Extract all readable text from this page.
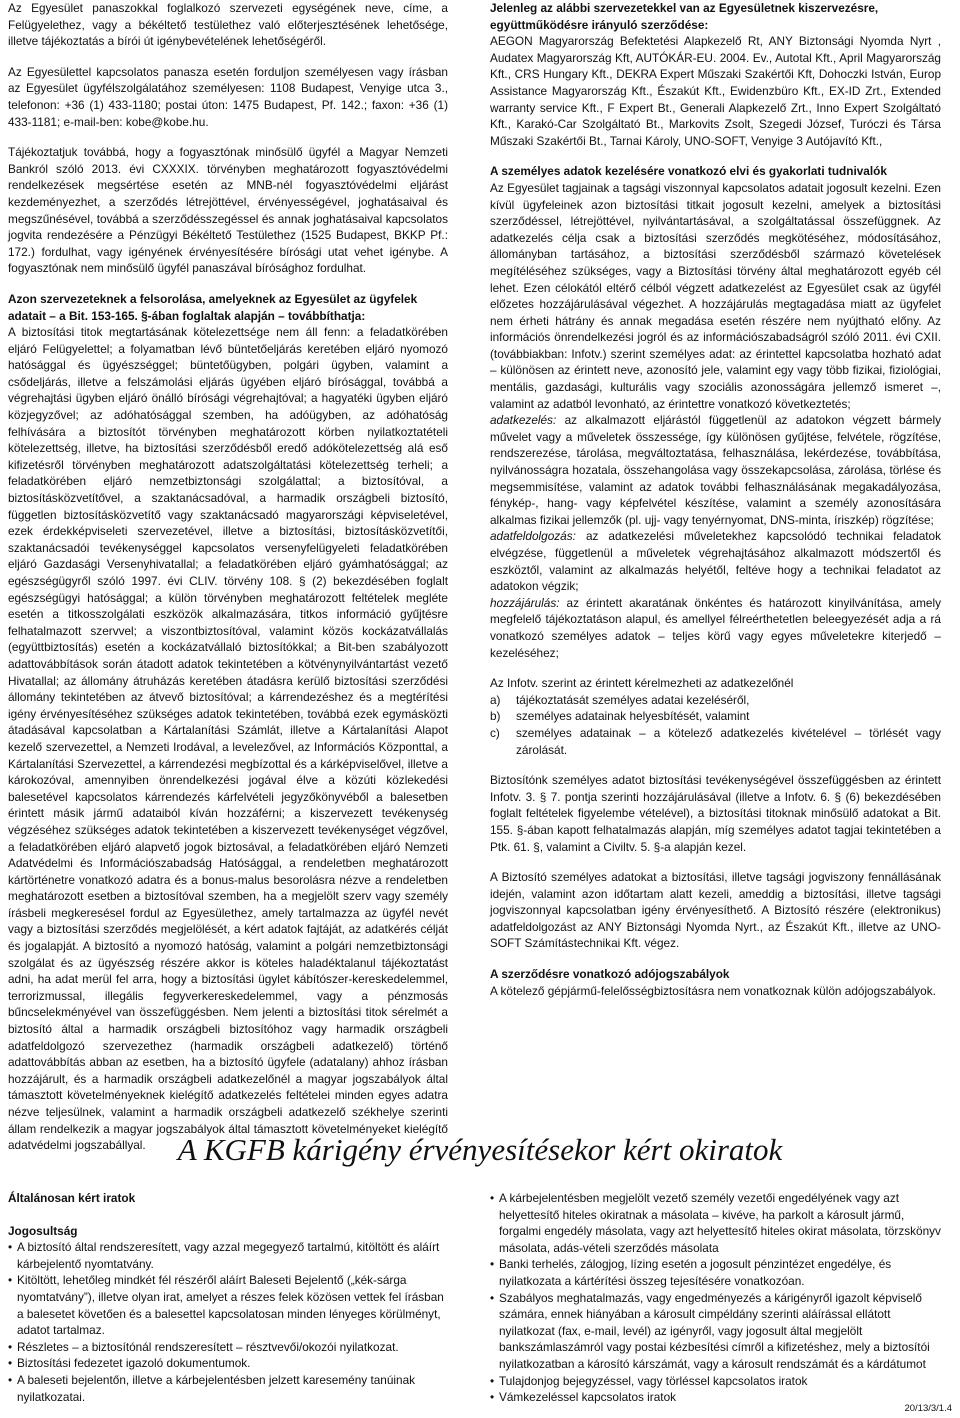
Az Egyesület panaszokkal foglalkozó szervezeti egységének neve, címe, a Felügyelethez, vagy a békéltető testülethez való előterjesztésének lehetősége, illetve tájékoztatás a bírói út igénybevételének lehetőségéről.

Az Egyesülettel kapcsolatos panasza esetén forduljon személyesen vagy írásban az Egyesület ügyfélszolgálatához személyesen: 1108 Budapest, Venyige utca 3., telefonon: +36 (1) 433-1180; postai úton: 1475 Budapest, Pf. 142.; faxon: +36 (1) 433-1181; e-mail-ben: kobe@kobe.hu.

Tájékoztatjuk továbbá, hogy a fogyasztónak minősülő ügyfél a Magyar Nemzeti Bankról szóló 2013. évi CXXXIX. törvényben meghatározott fogyasztóvédelmi rendelkezések megsértése esetén az MNB-nél fogyasztóvédelmi eljárást kezdeményezhet, a szerződés létrejöttével, érvényességével, joghatásaival és megszűnésével, továbbá a szerződésszegéssel és annak joghatásaival kapcsolatos jogvita rendezésére a Pénzügyi Békéltető Testülethez (1525 Budapest, BKKP Pf.: 172.) fordulhat, vagy igényének érvényesítésére bírósági utat vehet igénybe. A fogyasztónak nem minősülő ügyfél panaszával bírósághoz fordulhat.

Azon szervezeteknek a felsorolása, amelyeknek az Egyesület az ügyfelek adatait – a Bit. 153-165. §-ában foglaltak alapján – továbbíthatja:

A biztosítási titok megtartásának kötelezettsége nem áll fenn: a feladatkörében eljáró Felügyelettel; a folyamatban lévő büntetőeljárás keretében eljáró nyomozó hatósággal és ügyészséggel; büntetőügyben, polgári ügyben, valamint a csődeljárás, illetve a felszámolási eljárás ügyében eljáró bírósággal, továbbá a végrehajtási ügyben eljáró önálló bírósági végrehajtóval; a hagyatéki ügyben eljáró közjegyzővel; az adóhatósággal szemben, ha adóügyben, az adóhatóság felhívására a biztosítót törvényben meghatározott körben nyilatkoztatételi kötelezettség, illetve, ha biztosítási szerződésből eredő adókötelezettség alá eső kifizetésről törvényben meghatározott adatszolgáltatási kötelezettség terheli; a feladatkörében eljáró nemzetbiztonsági szolgálattal; a biztosítóval, a biztosításközvetítővel, a szaktanácsadóval, a harmadik országbeli biztosító, független biztosításközvetítő vagy szaktanácsadó magyarországi képviseletével, ezek érdekképviseleti szervezetével, illetve a biztosítási, biztosításközvetítői, szaktanácsadói tevékenységgel kapcsolatos versenyfelügyeleti feladatkörében eljáró Gazdasági Versenyhivatallal; a feladatkörében eljáró gyámhatósággal; az egészségügyről szóló 1997. évi CLIV. törvény 108. § (2) bekezdésében foglalt egészségügyi hatósággal; a külön törvényben meghatározott feltételek megléte esetén a titkosszolgálati eszközök alkalmazására, titkos információ gyűjtésre felhatalmazott szervvel; a viszontbiztosítóval, valamint közös kockázatvállalás (együttbiztosítás) esetén a kockázatvállaló biztosítókkal; a Bit-ben szabályozott adattovábbítások során átadott adatok tekintetében a kötvénynyilvántartást vezető Hivatallal; az állomány átruházás keretében átadásra kerülő biztosítási szerződési állomány tekintetében az átvevő biztosítóval; a kárrendezéshez és a megtérítési igény érvényesítéséhez szükséges adatok tekintetében, továbbá ezek egymásközti átadásával kapcsolatban a Kártalanítási Számlát, illetve a Kártalanítási Alapot kezelő szervezettel, a Nemzeti Irodával, a levelezővel, az Információs Központtal, a Kártalanítási Szervezettel, a kárrendezési megbízottal és a kárképviselővel, illetve a károkozóval, amennyiben önrendelkezési jogával élve a közúti közlekedési balesetével kapcsolatos kárrendezés kárfelvételi jegyzőkönyvéből a balesetben érintett másik jármű adataiból kíván hozzáférni; a kiszervezett tevékenység végzéséhez szükséges adatok tekintetében a kiszervezett tevékenységet végzővel, a feladatkörében eljáró alapvető jogok biztosával, a feladatkörében eljáró Nemzeti Adatvédelmi és Információszabadság Hatósággal, a rendeletben meghatározott kártörténetre vonatkozó adatra és a bonus-malus besorolásra nézve a rendeletben meghatározott esetben a biztosítóval szemben, ha a megjelölt szerv vagy személy írásbeli megkeresésel fordul az Egyesülethez, amely tartalmazza az ügyfél nevét vagy a biztosítási szerződés megjelölését, a kért adatok fajtáját, az adatkérés célját és jogalapját. A biztosító a nyomozó hatóság, valamint a polgári nemzetbiztonsági szolgálat és az ügyészség részére akkor is köteles haladéktalanul tájékoztatást adni, ha adat merül fel arra, hogy a biztosítási ügylet kábítószer-kereskedelemmel, terrorizmussal, illegális fegyverkereskedelemmel, vagy a pénzmosás bűncselekményével van összefüggésben. Nem jelenti a biztosítási titok sérelmét a biztosító által a harmadik országbeli biztosítóhoz vagy harmadik országbeli adatfeldolgozó szervezethez (harmadik országbeli adatkezelő) történő adattovábbítás abban az esetben, ha a biztosító ügyfele (adatalany) ahhoz írásban hozzájárult, és a harmadik országbeli adatkezelőnél a magyar jogszabályok által támasztott követelményeknek kielégítő adatkezelés feltételei minden egyes adatra nézve teljesülnek, valamint a harmadik országbeli adatkezelő székhelye szerinti állam rendelkezik a magyar jogszabályok által támasztott követelményeket kielégítő adatvédelmi jogszabállyal.

Jelenleg az alábbi szervezetekkel van az Egyesületnek kiszervezésre, együttműködésre irányuló szerződése:

AEGON Magyarország Befektetési Alapkezelő Rt, ANY Biztonsági Nyomda Nyrt , Audatex Magyarország Kft, AUTÓKÁR-EU. 2004. Ev., Autotal Kft., April Magyarország Kft., CRS Hungary Kft., DEKRA Expert Műszaki Szakértői Kft, Dohoczki István, Europ Assistance Magyarország Kft., Északút Kft., Ewidenzbüro Kft., EX-ID Zrt., Extended warranty service Kft., F Expert Bt., Generali Alapkezelő Zrt., Inno Expert Szolgáltató Kft., Karakó-Car Szolgáltató Bt., Markovits Zsolt, Szegedi József, Turóczi és Társa Műszaki Szakértői Bt., Tarnai Károly, UNO-SOFT, Venyige 3 Autójavító Kft.,

A személyes adatok kezelésére vonatkozó elvi és gyakorlati tudnivalók

Az Egyesület tagjainak a tagsági viszonnyal kapcsolatos adatait jogosult kezelni. Ezen kívül ügyfeleinek azon biztosítási titkait jogosult kezelni, amelyek a biztosítási szerződéssel, létrejöttével, nyilvántartásával, a szolgáltatással összefüggnek. Az adatkezelés célja csak a biztosítási szerződés megkötéséhez, módosításához, állományban tartásához, a biztosítási szerződésből származó követelések megítéléséhez szükséges, vagy a Biztosítási törvény által meghatározott egyéb cél lehet. Ezen célokától eltérő célból végzett adatkezelést az Egyesület csak az ügyfél előzetes hozzájárulásával végezhet. A hozzájárulás megtagadása miatt az ügyfelet nem érheti hátrány és annak megadása esetén részére nem nyújtható előny. Az információs önrendelkezési jogról és az információszabadságról szóló 2011. évi CXII. (továbbiakban: Infotv.) szerint személyes adat: az érintettel kapcsolatba hozható adat – különösen az érintett neve, azonosító jele, valamint egy vagy több fizikai, fiziológiai, mentális, gazdasági, kulturális vagy szociális azonosságára jellemző ismeret –, valamint az adatból levonható, az érintettre vonatkozó következtetés;

adatkezelés: az alkalmazott eljárástól függetlenül az adatokon végzett bármely művelet vagy a műveletek összessége, így különösen gyűjtése, felvétele, rögzítése, rendszerezése, tárolása, megváltoztatása, felhasználása, lekérdezése, továbbítása, nyilvánosságra hozatala, összehangolása vagy összekapcsolása, zárolása, törlése és megsemmisítése, valamint az adatok további felhasználásának megakadályozása, fénykép-, hang- vagy képfelvétel készítése, valamint a személy azonosítására alkalmas fizikai jellemzők (pl. ujj- vagy tenyérnyomat, DNS-minta, íriszkép) rögzítése;

adatfeldolgozás: az adatkezelési műveletekhez kapcsolódó technikai feladatok elvégzése, függetlenül a műveletek végrehajtásához alkalmazott módszertől és eszköztől, valamint az alkalmazás helyétől, feltéve hogy a technikai feladatot az adatokon végzik;

hozzájárulás: az érintett akaratának önkéntes és határozott kinyilvánítása, amely megfelelő tájékoztatáson alapul, és amellyel félreérthetetlen beleegyezését adja a rá vonatkozó személyes adatok – teljes körű vagy egyes műveletekre kiterjedő – kezeléséhez;

Az Infotv. szerint az érintett kérelmezheti az adatkezelőnél

a) tájékoztatását személyes adatai kezeléséről,
b) személyes adatainak helyesbítését, valamint
c) személyes adatainak – a kötelező adatkezelés kivételével – törlését vagy zárolását.

Biztosítónk személyes adatot biztosítási tevékenységével összefüggésben az érintett Infotv. 3. § 7. pontja szerinti hozzájárulásával (illetve a Infotv. 6. § (6) bekezdésében foglalt feltételek figyelembe vételével), a biztosítási titoknak minősülő adatokat a Bit. 155. §-ában kapott felhatalmazás alapján, míg személyes adatot tagjai tekintetében a Ptk. 61. §, valamint a Civiltv. 5. §-a alapján kezel.

A Biztosító személyes adatokat a biztosítási, illetve tagsági jogviszony fennállásának idején, valamint azon időtartam alatt kezeli, ameddig a biztosítási, illetve tagsági jogviszonnyal kapcsolatban igény érvényesíthető. A Biztosító részére (elektronikus) adatfeldolgozást az ANY Biztonsági Nyomda Nyrt., az Északút Kft., illetve az UNO-SOFT Számítástechnikai Kft. végez.

A szerződésre vonatkozó adójogszabályok

A kötelező gépjármű-felelősségbiztosításra nem vonatkoznak külön adójogszabályok.

A KGFB kárigény érvényesítésekor kért okiratok

Általánosan kért iratok

Jogosultság

• A biztosító által rendszeresített, vagy azzal megegyező tartalmú, kitöltött és aláírt kárbejelentő nyomtatvány.
• Kitöltött, lehetőleg mindkét fél részéről aláírt Baleseti Bejelentő („kék-sárga nyomtatvány”), illetve olyan irat, amelyet a részes felek közösen vettek fel írásban a balesetet követően és a balesettel kapcsolatosan minden lényeges körülményt, adatot tartalmaz.
• Részletes – a biztosítónál rendszeresített – résztvevői/okozói nyilatkozat.
• Biztosítási fedezetet igazoló dokumentumok.
• A baleseti bejelentőn, illetve a kárbejelentésben jelzett karesemény tanúinak nyilatkozatai.
• A kárbejelentésben megjelölt vezető személy vezetői engedélyének vagy azt helyettesítő hiteles okiratnak a másolata – kivéve, ha parkolt a károsult jármű, forgalmi engedély másolata, vagy azt helyettesítő hiteles okirat másolata, törzskönyv másolata, adás-vételi szerződés másolata
• Banki terhelés, zálogjog, lízing esetén a jogosult pénzintézet engedélye, és nyilatkozata a kártérítési összeg tejesítésére vonatkozóan.
• Szabályos meghatalmazás, vagy engedményezés a kárigényről igazolt képviselő számára, ennek hiányában a károsult cimpéldány szerinti aláírással ellátott nyilatkozat (fax, e-mail, levél) az igényről, vagy jogosult által megjelölt bankszámlaszámról vagy postai kézbesítési címről a kifizetéshez, mely a biztosítói nyilatkozatban a károsító kárszámát, vagy a károsult rendszámát és a kárdátumot
• Tulajdonjog bejegyzéssel, vagy törléssel kapcsolatos iratok
• Vámkezeléssel kapcsolatos iratok
20/13/3/1.4
